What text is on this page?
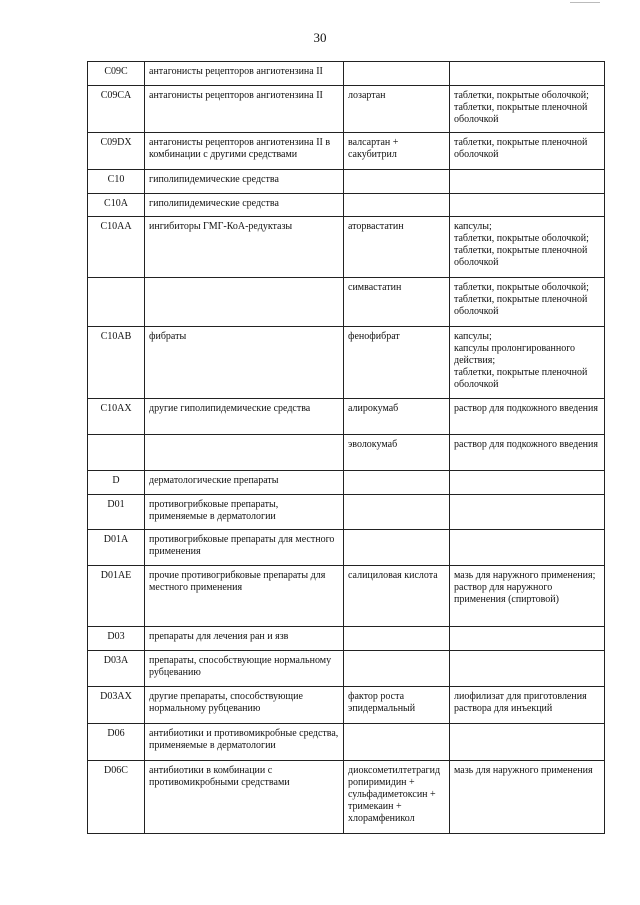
30
C09C	антагонисты рецепторов ангиотензина II		
C09CA	антагонисты рецепторов ангиотензина II	лозартан	таблетки, покрытые оболочкой;
таблетки, покрытые пленочной оболочкой
C09DX	антагонисты рецепторов ангиотензина II в комбинации с другими средствами	валсартан + сакубитрил	таблетки, покрытые пленочной оболочкой
C10	гиполипидемические средства		
C10A	гиполипидемические средства		
C10AA	ингибиторы ГМГ-КоА-редуктазы	аторвастатин	капсулы;
таблетки, покрытые оболочкой;
таблетки, покрытые пленочной оболочкой
		симвастатин	таблетки, покрытые оболочкой;
таблетки, покрытые пленочной оболочкой
C10AB	фибраты	фенофибрат	капсулы;
капсулы пролонгированного действия;
таблетки, покрытые пленочной оболочкой
C10AX	другие гиполипидемические средства	алирокумаб	раствор для подкожного введения
		эволокумаб	раствор для подкожного введения
D	дерматологические препараты		
D01	противогрибковые препараты, применяемые в дерматологии		
D01A	противогрибковые препараты для местного применения		
D01AE	прочие противогрибковые препараты для местного применения	салициловая кислота	мазь для наружного применения;
раствор для наружного применения (спиртовой)
D03	препараты для лечения ран и язв		
D03A	препараты, способствующие нормальному рубцеванию		
D03AX	другие препараты, способствующие нормальному рубцеванию	фактор роста эпидермальный	лиофилизат для приготовления раствора для инъекций
D06	антибиотики и противомикробные средства, применяемые в дерматологии		
D06C	антибиотики в комбинации с противомикробными средствами	диоксометилтетрагидропиримидин + сульфадиметоксин + тримекаин + хлорамфеникол	мазь для наружного применения
